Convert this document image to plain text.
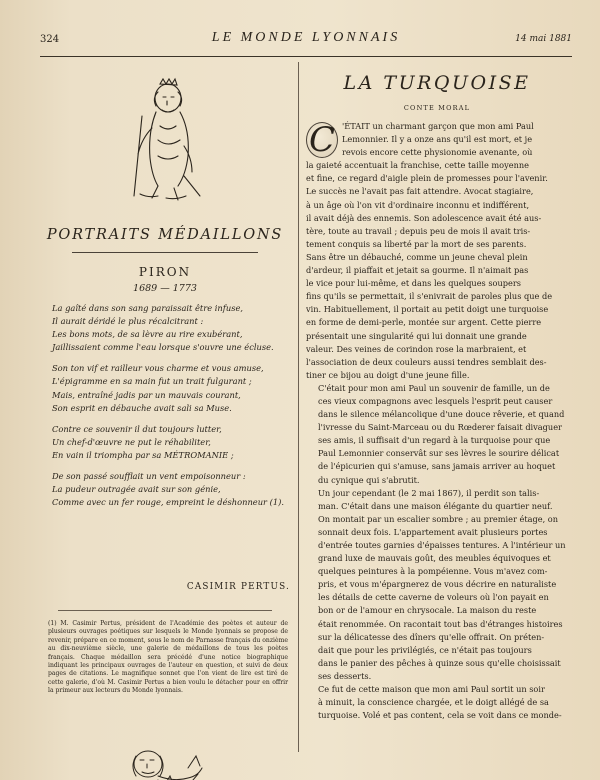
324	LE MONDE LYONNAIS	14 mai 1881
PORTRAITS MÉDAILLONS
PIRON
1689 — 1773
La gaîté dans son sang paraissait être infuse,
Il aurait déridé le plus récalcitrant :
Les bons mots, de sa lèvre au rire exubérant,
Jaillissaient comme l'eau lorsque s'ouvre une écluse.
Son ton vif et railleur vous charme et vous amuse,
L'épigramme en sa main fut un trait fulgurant ;
Mais, entraîné jadis par un mauvais courant,
Son esprit en débauche avait sali sa Muse.
Contre ce souvenir il dut toujours lutter,
Un chef-d'œuvre ne put le réhabiliter,
En vain il triompha par sa MÉTROMANIE ;
De son passé soufflait un vent empoisonneur :
La pudeur outragée avait sur son génie,
Comme avec un fer rouge, empreint le déshonneur (1).
CASIMIR PERTUS.
(1) M. Casimir Pertus, président de l'Académie des poètes et auteur de plusieurs ouvrages poétiques sur lesquels le Monde lyonnais se propose de revenir, prépare en ce moment, sous le nom de Parnasse français du onzième au dix-neuvième siècle, une galerie de médaillons de tous les poètes français. Chaque médaillon sera précédé d'une notice biographique indiquant les principaux ouvrages de l'auteur en question, et suivi de deux pages de citations. Le magnifique sonnet que l'on vient de lire est tiré de cette galerie, d'où M. Casimir Pertus a bien voulu le détacher pour en offrir la primeur aux lecteurs du Monde lyonnais.
LA TURQUOISE
CONTE MORAL

C 'ÉTAIT un charmant garçon que mon ami Paul
Lemonnier. Il y a onze ans qu'il est mort, et je
revois encore cette physionomie avenante, où
la gaieté accentuait la franchise, cette taille moyenne
et fine, ce regard d'aigle plein de promesses pour l'avenir.
Le succès ne l'avait pas fait attendre. Avocat stagiaire,
à un âge où l'on vit d'ordinaire inconnu et indifférent,
il avait déjà des ennemis. Son adolescence avait été aus-
tère, toute au travail ; depuis peu de mois il avait tris-
tement conquis sa liberté par la mort de ses parents.
Sans être un débauché, comme un jeune cheval plein
d'ardeur, il piaffait et jetait sa gourme. Il n'aimait pas
le vice pour lui-même, et dans les quelques soupers
fins qu'ils se permettait, il s'enivrait de paroles plus que de
vin. Habituellement, il portait au petit doigt une turquoise
en forme de demi-perle, montée sur argent. Cette pierre
présentait une singularité qui lui donnait une grande
valeur. Des veines de corindon rose la marbraient, et
l'association de deux couleurs aussi tendres semblait des-
tiner ce bijou au doigt d'une jeune fille.

C'était pour mon ami Paul un souvenir de famille, un de
ces vieux compagnons avec lesquels l'esprit peut causer
dans le silence mélancolique d'une douce rêverie, et quand
l'ivresse du Saint-Marceau ou du Rœderer faisait divaguer
ses amis, il suffisait d'un regard à la turquoise pour que
Paul Lemonnier conservât sur ses lèvres le sourire délicat
de l'épicurien qui s'amuse, sans jamais arriver au hoquet
du cynique qui s'abrutit.

Un jour cependant (le 2 mai 1867), il perdit son talis-
man. C'était dans une maison élégante du quartier neuf.
On montait par un escalier sombre ; au premier étage, on
sonnait deux fois. L'appartement avait plusieurs portes
d'entrée toutes garnies d'épaisses tentures. A l'intérieur un
grand luxe de mauvais goût, des meubles équivoques et
quelques peintures à la pompéienne. Vous m'avez com-
pris, et vous m'épargnerez de vous décrire en naturaliste
les détails de cette caverne de voleurs où l'on payait en
bon or de l'amour en chrysocale. La maison du reste
était renommée. On racontait tout bas d'étranges histoires
sur la délicatesse des dîners qu'elle offrait. On préten-
dait que pour les privilégiés, ce n'était pas toujours
dans le panier des pêches à quinze sous qu'elle choisissait
ses desserts.

Ce fut de cette maison que mon ami Paul sortit un soir
à minuit, la conscience chargée, et le doigt allégé de sa
turquoise. Volé et pas content, cela se voit dans ce monde-
